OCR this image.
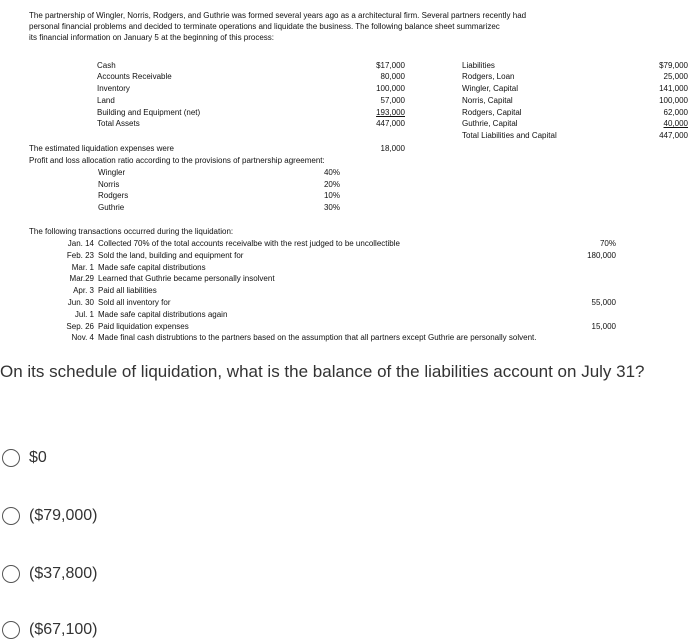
The partnership of Wingler, Norris, Rodgers, and Guthrie was formed several years ago as a architectural firm. Several partners recently had
personal financial problems and decided to terminate operations and liquidate the business. The following balance sheet summarizec
its financial information on January 5 at the beginning of this process:
Cash	$17,000
Accounts Receivable	80,000
Inventory	100,000
Land	57,000
Building and Equipment (net)	193,000
Total Assets	447,000
Liabilities	$79,000
Rodgers, Loan	25,000
Wingler, Capital	141,000
Norris, Capital	100,000
Rodgers, Capital	62,000
Guthrie, Capital	40,000
Total Liabilities and Capital	447,000
The estimated liquidation expenses were	18,000
Profit and loss allocation ratio according to the provisions of partnership agreement:
Wingler	40%
Norris	20%
Rodgers	10%
Guthrie	30%
The following transactions occurred during the liquidation:
Jan. 14 Collected 70% of the total accounts receivalbe with the rest judged to be uncollectible	70%
Feb. 23 Sold the land, building and equipment for	180,000
Mar. 1 Made safe capital distributions
Mar.29 Learned that Guthrie became personally insolvent
Apr. 3 Paid all liabilities
Jun. 30 Sold all inventory for	55,000
Jul. 1 Made safe capital distributions again
Sep. 26 Paid liquidation expenses	15,000
Nov. 4 Made final cash distrubtions to the partners based on the assumption that all partners except Guthrie are personally solvent.
On its schedule of liquidation, what is the balance of the liabilities account on July 31?
$0
($79,000)
($37,800)
($67,100)
